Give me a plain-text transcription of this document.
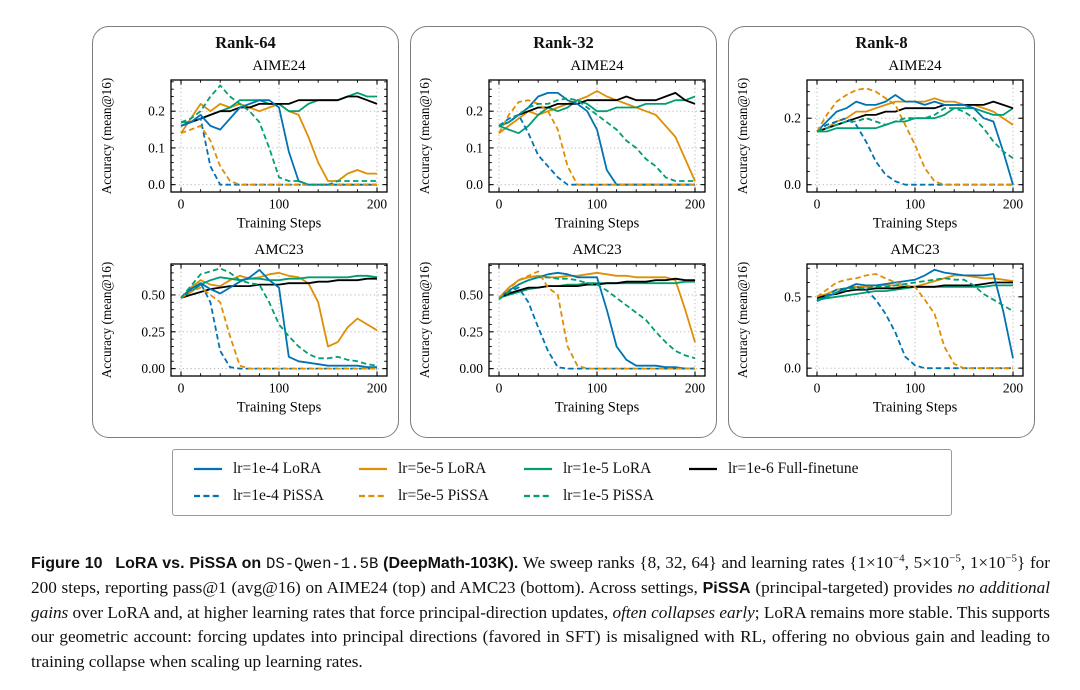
Rank-64
AIME24
0	100	200
0.0
0.1
0.2
Accuracy (mean@16)
Training Steps
AMC23
0	100	200
0.00
0.25
0.50
Accuracy (mean@16)
Training Steps
Rank-32
AIME24
0	100	200
0.0
0.1
0.2
Accuracy (mean@16)
Training Steps
AMC23
0	100	200
0.00
0.25
0.50
Accuracy (mean@16)
Training Steps
Rank-8
AIME24
0	100	200
0.0
0.2
Accuracy (mean@16)
Training Steps
AMC23
0	100	200
0.0
0.5
Accuracy (mean@16)
Training Steps
lr=1e-4 LoRA	lr=5e-5 LoRA	lr=1e-5 LoRA	lr=1e-6 Full-finetune
lr=1e-4 PiSSA	lr=5e-5 PiSSA	lr=1e-5 PiSSA

Figure 10  LoRA vs. PiSSA on DS-Qwen-1.5B (DeepMath-103K). We sweep ranks {8, 32, 64} and learning rates {$1\times 10^{-4}$, $5\times 10^{-5}$, $1\times 10^{-5}$} for 200 steps, reporting pass@1 (avg@16) on AIME24 (top) and AMC23 (bottom). Across settings, PiSSA (principal-targeted) provides no additional gains over LoRA and, at higher learning rates that force principal-direction updates, often collapses early; LoRA remains more stable. This supports our geometric account: forcing updates into principal directions (favored in SFT) is misaligned with RL, offering no obvious gain and leading to training collapse when scaling up learning rates.
